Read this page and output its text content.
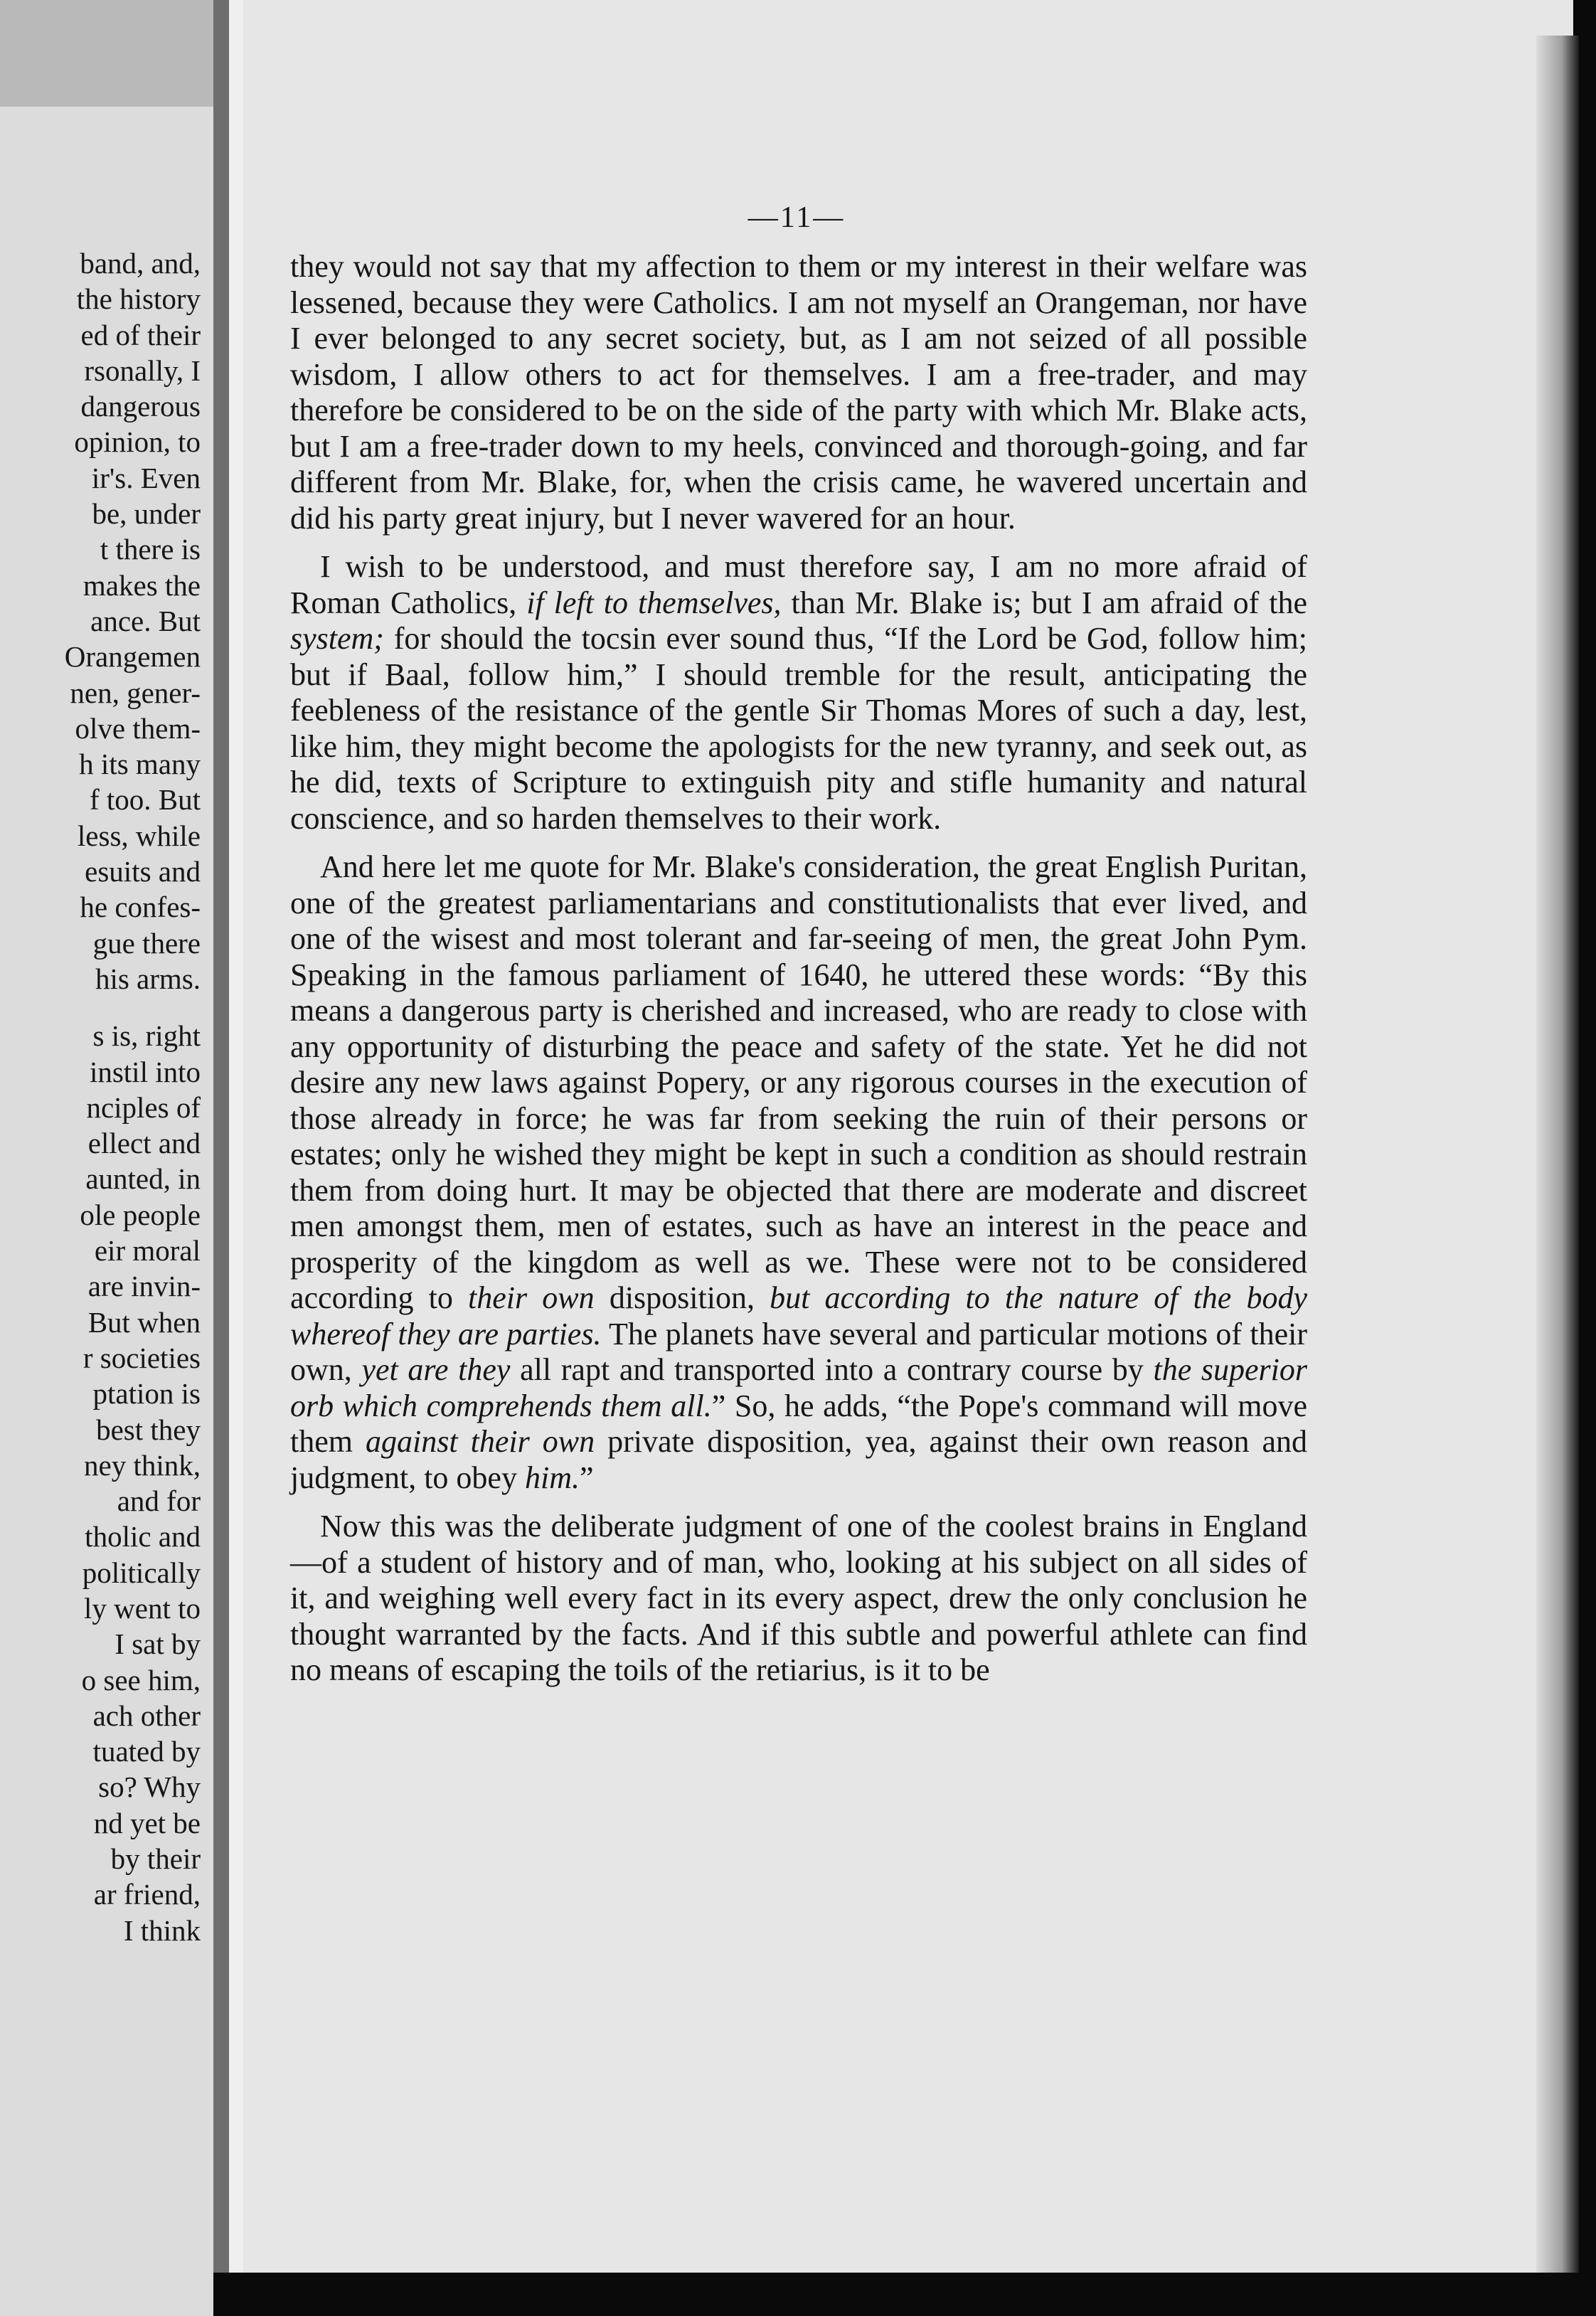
band, and,
the history
ed of their
rsonally, I
dangerous
opinion, to
ir's. Even
be, under
t there is
makes the
ance. But
Orangemen
nen, gener-
olve them-
h its many
f too. But
less, while
esuits and
he confes-
gue there
his arms.
s is, right
instil into
nciples of
ellect and
aunted, in
ole people
eir moral
are invin-
But when
r societies
ptation is
best they
ney think,
and for
tholic and
politically
ly went to
I sat by
o see him,
ach other
tuated by
so? Why
nd yet be
by their
ar friend,
I think
—11—

they would not say that my affection to them or my interest in their welfare was lessened, because they were Catholics. I am not myself an Orangeman, nor have I ever belonged to any secret society, but, as I am not seized of all possible wisdom, I allow others to act for themselves. I am a free-trader, and may therefore be considered to be on the side of the party with which Mr. Blake acts, but I am a free-trader down to my heels, convinced and thorough-going, and far different from Mr. Blake, for, when the crisis came, he wavered uncertain and did his party great injury, but I never wavered for an hour.

I wish to be understood, and must therefore say, I am no more afraid of Roman Catholics, if left to themselves, than Mr. Blake is; but I am afraid of the system; for should the tocsin ever sound thus, “If the Lord be God, follow him; but if Baal, follow him,” I should tremble for the result, anticipating the feebleness of the resistance of the gentle Sir Thomas Mores of such a day, lest, like him, they might become the apologists for the new tyranny, and seek out, as he did, texts of Scripture to extinguish pity and stifle humanity and natural conscience, and so harden themselves to their work.

And here let me quote for Mr. Blake's consideration, the great English Puritan, one of the greatest parliamentarians and constitutionalists that ever lived, and one of the wisest and most tolerant and far-seeing of men, the great John Pym. Speaking in the famous parliament of 1640, he uttered these words: “By this means a dangerous party is cherished and increased, who are ready to close with any opportunity of disturbing the peace and safety of the state. Yet he did not desire any new laws against Popery, or any rigorous courses in the execution of those already in force; he was far from seeking the ruin of their persons or estates; only he wished they might be kept in such a condition as should restrain them from doing hurt. It may be objected that there are moderate and discreet men amongst them, men of estates, such as have an interest in the peace and prosperity of the kingdom as well as we. These were not to be considered according to their own disposition, but according to the nature of the body whereof they are parties. The planets have several and particular motions of their own, yet are they all rapt and transported into a contrary course by the superior orb which comprehends them all.” So, he adds, “the Pope's command will move them against their own private disposition, yea, against their own reason and judgment, to obey him.”

Now this was the deliberate judgment of one of the coolest brains in England—of a student of history and of man, who, looking at his subject on all sides of it, and weighing well every fact in its every aspect, drew the only conclusion he thought warranted by the facts. And if this subtle and powerful athlete can find no means of escaping the toils of the retiarius, is it to be
